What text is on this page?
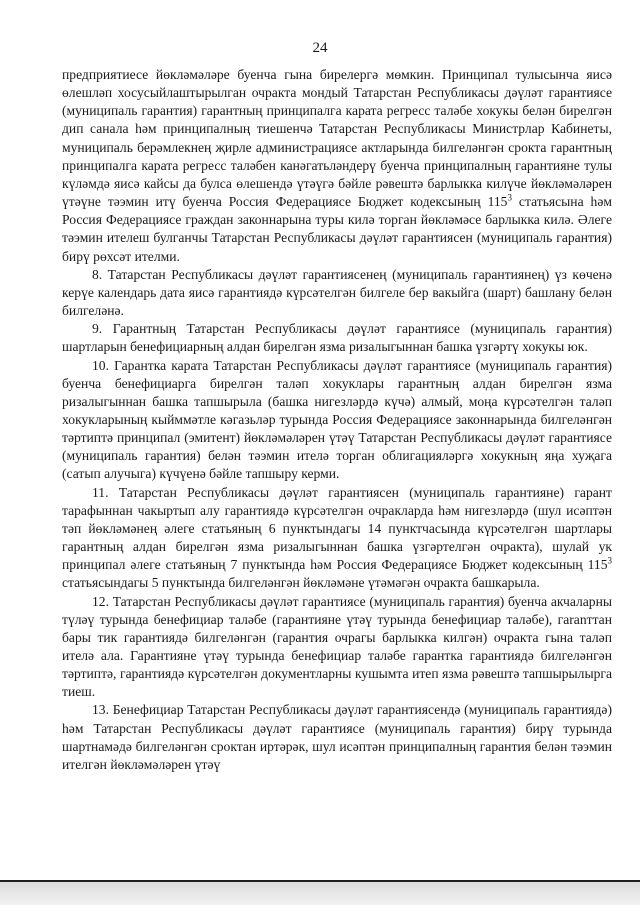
24

предприятиесе йөкләмәләре буенча гына бирелергә мөмкин. Принципал тулысынча яисә өлешләп хосусыйлаштырылган очракта мондый Татарстан Республикасы дәүләт гарантиясе (муниципаль гарантия) гарантның принципалга карата регресс таләбе хокукы белән бирелгән дип санала һәм принципалның тиешенчә Татарстан Республикасы Министрлар Кабинеты, муниципаль берәмлекнең җирле администрациясе актларында билгеләнгән срокта гарантның принципалга карата регресс таләбен канәгатьләндерү буенча принципалның гарантияне тулы күләмдә яисә кайсы да булса өлешендә үтәүгә бәйле рәвештә барлыкка килүче йөкләмәләрен үтәүне тәэмин итү буенча Россия Федерациясе Бюджет кодексының $115^3$ статьясына һәм Россия Федерациясе граждан законнарына туры килә торган йөкләмәсе барлыкка килә. Әлеге тәэмин ителеш булганчы Татарстан Республикасы дәүләт гарантиясен (муниципаль гарантия) бирү рөхсәт ителми.

8. Татарстан Республикасы дәүләт гарантиясенең (муниципаль гарантиянең) үз көченә керүе календарь дата яисә гарантиядә күрсәтелгән билгеле бер вакыйга (шарт) башлану белән билгеләнә.

9. Гарантның Татарстан Республикасы дәүләт гарантиясе (муниципаль гарантия) шартларын бенефициарның алдан бирелгән язма ризалыгыннан башка үзгәртү хокукы юк.

10. Гарантка карата Татарстан Республикасы дәүләт гарантиясе (муниципаль гарантия) буенча бенефициарга бирелгән таләп хокуклары гарантның алдан бирелгән язма ризалыгыннан башка тапшырыла (башка нигезләрдә күчә) алмый, моңа күрсәтелгән таләп хокукларының кыйммәтле кәгазьләр турында Россия Федерациясе законнарында билгеләнгән тәртиптә принципал (эмитент) йөкләмәләрен үтәү Татарстан Республикасы дәүләт гарантиясе (муниципаль гарантия) белән тәэмин ителә торган облигацияләргә хокукның яңа хуҗага (сатып алучыга) күчүенә бәйле тапшыру керми.

11. Татарстан Республикасы дәүләт гарантиясен (муниципаль гарантияне) гарант тарафыннан чакыртып алу гарантиядә күрсәтелгән очракларда һәм нигезләрдә (шул исәптән тәп йөкләмәнең әлеге статьяның 6 пунктындагы 14 пунктчасында күрсәтелгән шартлары гарантның алдан бирелгән язма ризалыгыннан башка үзгәртелгән очракта), шулай ук принципал әлеге статьяның 7 пунктында һәм Россия Федерациясе Бюджет кодексының $115^3$ статьясындагы 5 пунктында билгеләнгән йөкләмәне үтәмәгән очракта башкарыла.

12. Татарстан Республикасы дәүләт гарантиясе (муниципаль гарантия) буенча акчаларны түләү турында бенефициар таләбе (гарантияне үтәү турында бенефициар таләбе), гaranттан бары тик гарантиядә билгеләнгән (гарантия очрагы барлыкка килгән) очракта гына таләп ителә ала. Гарантияне үтәү турында бенефициар таләбе гарантка гарантиядә билгеләнгән тәртиптә, гарантиядә күрсәтелгән документларны кушымта итеп язма рәвештә тапшырылырга тиеш.

13. Бенефициар Татарстан Республикасы дәүләт гарантиясендә (муниципаль гарантиядә) һәм Татарстан Республикасы дәүләт гарантиясе (муниципаль гарантия) бирү турында шартнамәдә билгеләнгән сроктан иртәрәк, шул исәптән принципалның гарантия белән тәэмин ителгән йөкләмәләрен үтәү
